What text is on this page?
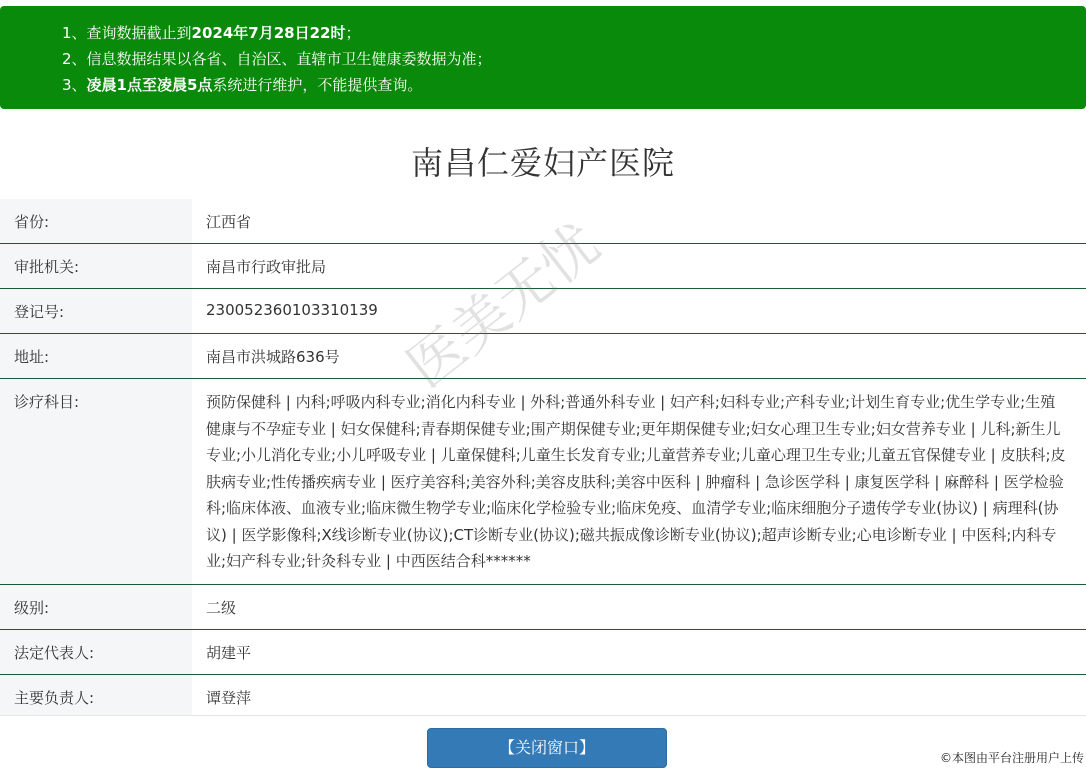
1、查询数据截止到2024年7月28日22时；
2、信息数据结果以各省、自治区、直辖市卫生健康委数据为准；
3、凌晨1点至凌晨5点系统进行维护，不能提供查询。
南昌仁爱妇产医院
省份:	江西省
审批机关:	南昌市行政审批局
登记号:	230052360103310139
地址:	南昌市洪城路636号
诊疗科目:	预防保健科 | 内科;呼吸内科专业;消化内科专业 | 外科;普通外科专业 | 妇产科;妇科专业;产科专业;计划生育专业;优生学专业;生殖健康与不孕症专业 | 妇女保健科;青春期保健专业;围产期保健专业;更年期保健专业;妇女心理卫生专业;妇女营养专业 | 儿科;新生儿专业;小儿消化专业;小儿呼吸专业 | 儿童保健科;儿童生长发育专业;儿童营养专业;儿童心理卫生专业;儿童五官保健专业 | 皮肤科;皮肤病专业;性传播疾病专业 | 医疗美容科;美容外科;美容皮肤科;美容中医科 | 肿瘤科 | 急诊医学科 | 康复医学科 | 麻醉科 | 医学检验科;临床体液、血液专业;临床微生物学专业;临床化学检验专业;临床免疫、血清学专业;临床细胞分子遗传学专业(协议) | 病理科(协议) | 医学影像科;X线诊断专业(协议);CT诊断专业(协议);磁共振成像诊断专业(协议);超声诊断专业;心电诊断专业 | 中医科;内科专业;妇产科专业;针灸科专业 | 中西医结合科******
级别:	二级
法定代表人:	胡建平
主要负责人:	谭登萍
医美无忧
【关闭窗口】
©本图由平台注册用户上传
